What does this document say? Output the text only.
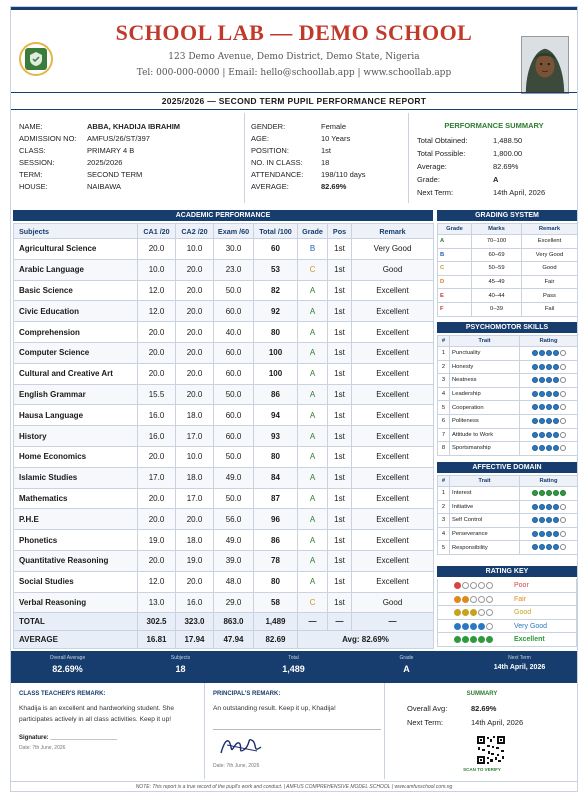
SCHOOL LAB — DEMO SCHOOL
123 Demo Avenue, Demo District, Demo State, Nigeria
Tel: 000-000-0000 | Email: hello@schoollab.app | www.schoollab.app
2025/2026 — SECOND TERM PUPIL PERFORMANCE REPORT
NAME:	ABBA, KHADIJA IBRAHIM
ADMISSION NO: AMFUS/26/ST/397
CLASS:	PRIMARY 4 B
SESSION:	2025/2026
TERM:	SECOND TERM
HOUSE:	NAIBAWA
GENDER:	Female
AGE:	10 Years
POSITION:	1st
NO. IN CLASS: 18
ATTENDANCE: 198/110 days
AVERAGE:	82.69%
PERFORMANCE SUMMARY
Total Obtained:	1,488.50
Total Possible:	1,800.00
Average:	82.69%
Grade:	A
Next Term:	14th April, 2026
ACADEMIC PERFORMANCE
Subjects	CA1 /20	CA2 /20	Exam /60	Total /100	Grade	Pos	Remark
Agricultural Science	20.0	10.0	30.0	60	B	1st	Very Good
Arabic Language	10.0	20.0	23.0	53	C	1st	Good
Basic Science	12.0	20.0	50.0	82	A	1st	Excellent
Civic Education	12.0	20.0	60.0	92	A	1st	Excellent
Comprehension	20.0	20.0	40.0	80	A	1st	Excellent
Computer Science	20.0	20.0	60.0	100	A	1st	Excellent
Cultural and Creative Art	20.0	20.0	60.0	100	A	1st	Excellent
English Grammar	15.5	20.0	50.0	86	A	1st	Excellent
Hausa Language	16.0	18.0	60.0	94	A	1st	Excellent
History	16.0	17.0	60.0	93	A	1st	Excellent
Home Economics	20.0	10.0	50.0	80	A	1st	Excellent
Islamic Studies	17.0	18.0	49.0	84	A	1st	Excellent
Mathematics	20.0	17.0	50.0	87	A	1st	Excellent
P.H.E	20.0	20.0	56.0	96	A	1st	Excellent
Phonetics	19.0	18.0	49.0	86	A	1st	Excellent
Quantitative Reasoning	20.0	19.0	39.0	78	A	1st	Excellent
Social Studies	12.0	20.0	48.0	80	A	1st	Excellent
Verbal Reasoning	13.0	16.0	29.0	58	C	1st	Good
TOTAL	302.5	323.0	863.0	1,489	—	—	—
AVERAGE	16.81	17.94	47.94	82.69	Avg: 82.69%		
GRADING SYSTEM
Grade	Marks	Remark
A	70–100	Excellent
B	60–69	Very Good
C	50–59	Good
D	45–49	Fair
E	40–44	Pass
F	0–39	Fail
PSYCHOMOTOR SKILLS
#	Trait	Rating
1	Punctuality	

2	Honesty	

3	Neatness	

4	Leadership	

5	Cooperation	

6	Politeness	

7	Attitude to Work	

8	Sportsmanship	
AFFECTIVE DOMAIN
#	Trait	Rating
1	Interest	

2	Initiative	

3	Self Control	

4	Perseverance	

5	Responsibility	
RATING KEY
Poor
Fair
Good
Very Good
Excellent
Overall Average
82.69%
Subjects
18
Total
1,489
Grade
A
Next Term
14th April, 2026
CLASS TEACHER'S REMARK:
Khadija is an excellent and hardworking student. She participates actively in all class activities. Keep it up!
Signature: ____________________
Date: 7th June, 2026
PRINCIPAL'S REMARK:
An outstanding result. Keep it up, Khadija!
Date: 7th June, 2026
SUMMARY
Overall Avg:	82.69%
Next Term:	14th April, 2026
SCAN TO VERIFY
NOTE: This report is a true record of the pupil's work and conduct. | AMFUS COMPREHENSIVE MODEL SCHOOL | www.amfusschool.com.ng
